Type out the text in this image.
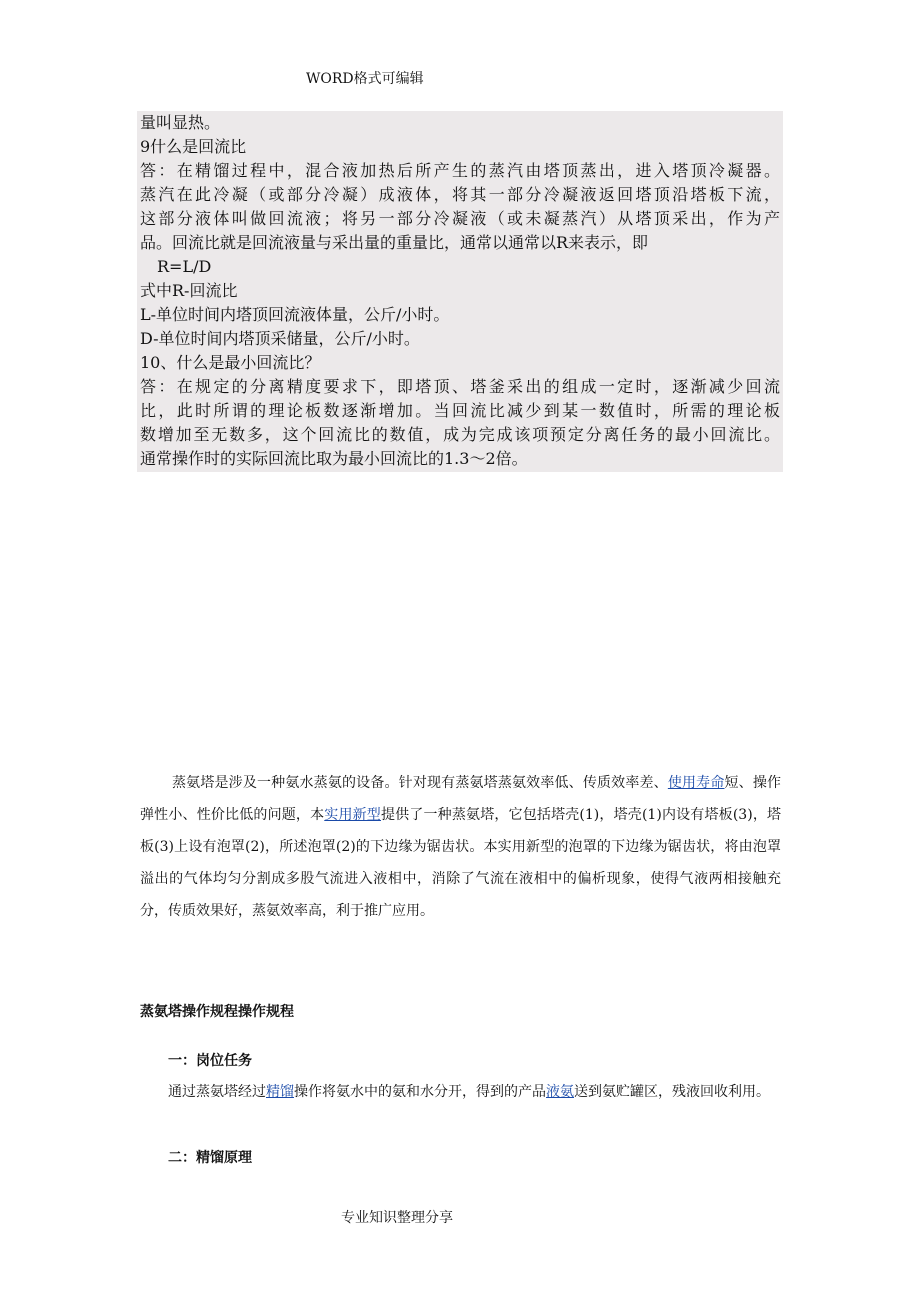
WORD格式可编辑
量叫显热。
9什么是回流比
答：在精馏过程中，混合液加热后所产生的蒸汽由塔顶蒸出，进入塔顶冷凝器。
蒸汽在此冷凝（或部分冷凝）成液体，将其一部分冷凝液返回塔顶沿塔板下流，
这部分液体叫做回流液；将另一部分冷凝液（或未凝蒸汽）从塔顶采出，作为产
品。回流比就是回流液量与采出量的重量比，通常以通常以R来表示，即
R=L/D
式中R-回流比
L-单位时间内塔顶回流液体量，公斤/小时。
D-单位时间内塔顶采储量，公斤/小时。
10、什么是最小回流比？
答：在规定的分离精度要求下，即塔顶、塔釜采出的组成一定时，逐渐减少回流
比，此时所谓的理论板数逐渐增加。当回流比减少到某一数值时，所需的理论板
数增加至无数多，这个回流比的数值，成为完成该项预定分离任务的最小回流比。
通常操作时的实际回流比取为最小回流比的1.3～2倍。
蒸氨塔是涉及一种氨水蒸氨的设备。针对现有蒸氨塔蒸氨效率低、传质效率差、使用寿命短、操作弹性小、性价比低的问题，本实用新型提供了一种蒸氨塔，它包括塔壳(1)，塔壳(1)内设有塔板(3)，塔板(3)上设有泡罩(2)，所述泡罩(2)的下边缘为锯齿状。本实用新型的泡罩的下边缘为锯齿状，将由泡罩溢出的气体均匀分割成多股气流进入液相中，消除了气流在液相中的偏析现象，使得气液两相接触充分，传质效果好，蒸氨效率高，利于推广应用。
蒸氨塔操作规程操作规程
一：岗位任务
通过蒸氨塔经过精馏操作将氨水中的氨和水分开，得到的产品液氨送到氨贮罐区，残液回收利用。
二：精馏原理
专业知识整理分享
